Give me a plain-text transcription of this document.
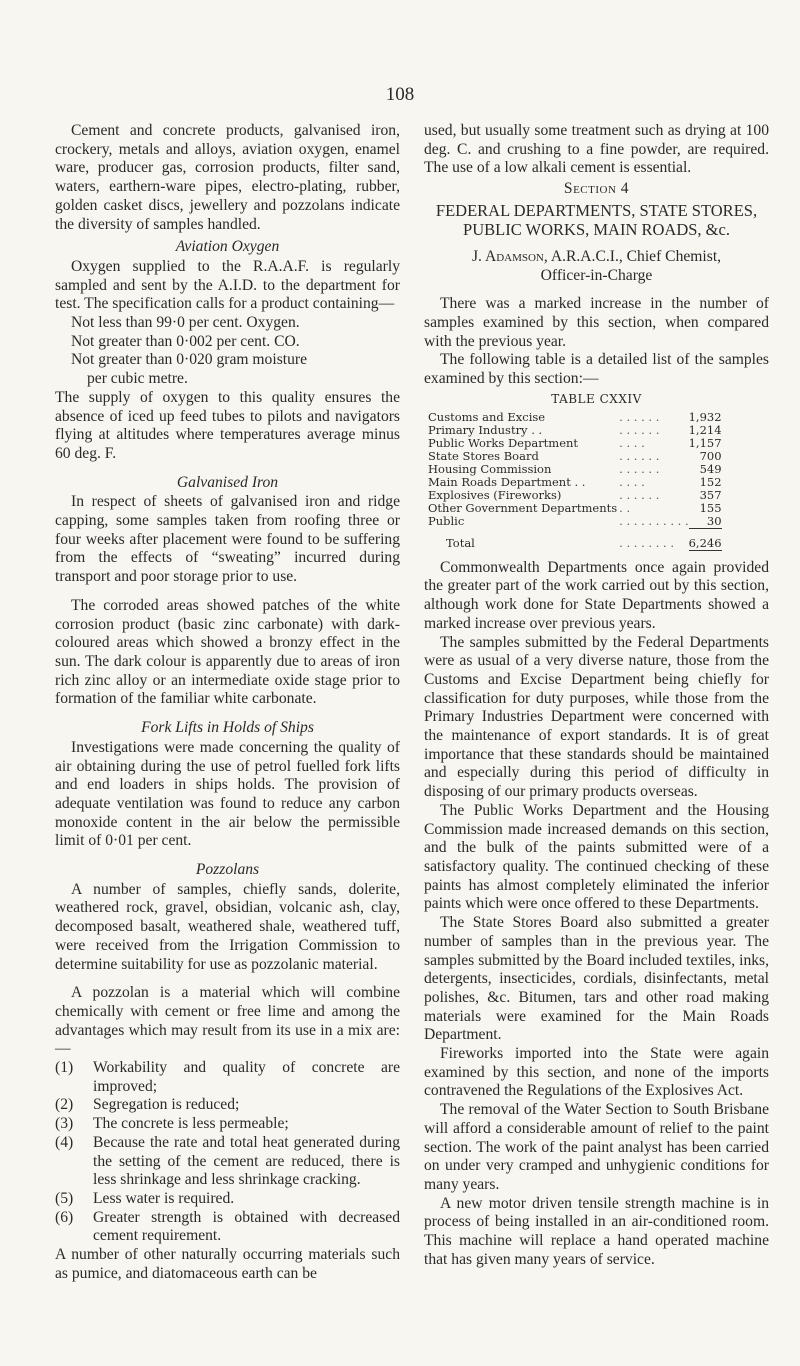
108

Cement and concrete products, galvanised iron, crockery, metals and alloys, aviation oxygen, enamel ware, producer gas, corrosion products, filter sand, waters, earthern-ware pipes, electro-plating, rubber, golden casket discs, jewellery and pozzolans indicate the diversity of samples handled.

Aviation Oxygen

Oxygen supplied to the R.A.A.F. is regularly sampled and sent by the A.I.D. to the department for test. The specification calls for a product containing—

Not less than 99·0 per cent. Oxygen.
Not greater than 0·002 per cent. CO.
Not greater than 0·020 gram moisture
per cubic metre.

The supply of oxygen to this quality ensures the absence of iced up feed tubes to pilots and navigators flying at altitudes where temperatures average minus 60 deg. F.

Galvanised Iron

In respect of sheets of galvanised iron and ridge capping, some samples taken from roofing three or four weeks after placement were found to be suffering from the effects of “sweating” incurred during transport and poor storage prior to use.

The corroded areas showed patches of the white corrosion product (basic zinc carbonate) with dark-coloured areas which showed a bronzy effect in the sun. The dark colour is apparently due to areas of iron rich zinc alloy or an intermediate oxide stage prior to formation of the familiar white carbonate.

Fork Lifts in Holds of Ships

Investigations were made concerning the quality of air obtaining during the use of petrol fuelled fork lifts and end loaders in ships holds. The provision of adequate ventilation was found to reduce any carbon monoxide content in the air below the permissible limit of 0·01 per cent.

Pozzolans

A number of samples, chiefly sands, dolerite, weathered rock, gravel, obsidian, volcanic ash, clay, decomposed basalt, weathered shale, weathered tuff, were received from the Irrigation Commission to determine suitability for use as pozzolanic material.

A pozzolan is a material which will combine chemically with cement or free lime and among the advantages which may result from its use in a mix are:—

(1)	Workability and quality of concrete are improved;
(2)	Segregation is reduced;
(3)	The concrete is less permeable;
(4)	Because the rate and total heat generated during the setting of the cement are reduced, there is less shrinkage and less shrinkage cracking.
(5)	Less water is required.
(6)	Greater strength is obtained with decreased cement requirement.

A number of other naturally occurring materials such as pumice, and diatomaceous earth can be

used, but usually some treatment such as drying at 100 deg. C. and crushing to a fine powder, are required. The use of a low alkali cement is essential.

Section 4
FEDERAL DEPARTMENTS, STATE STORES, PUBLIC WORKS, MAIN ROADS, &c.
J. Adamson, A.R.A.C.I., Chief Chemist,
Officer-in-Charge

There was a marked increase in the number of samples examined by this section, when compared with the previous year.

The following table is a detailed list of the samples examined by this section:—

TABLE CXXIV
Customs and Excise	. . . . . .	1,932
Primary Industry . .	. . . . . .	1,214
Public Works Department	. . . .	1,157
State Stores Board	. . . . . .	700
Housing Commission	. . . . . .	549
Main Roads Department . .	. . . .	152
Explosives (Fireworks)	. . . . . .	357
Other Government Departments	. .	155
Public	. . . . . . . . . .	30
Total	. . . . . . . .	6,246

Commonwealth Departments once again provided the greater part of the work carried out by this section, although work done for State Departments showed a marked increase over previous years.

The samples submitted by the Federal Departments were as usual of a very diverse nature, those from the Customs and Excise Department being chiefly for classification for duty purposes, while those from the Primary Industries Department were concerned with the maintenance of export standards. It is of great importance that these standards should be maintained and especially during this period of difficulty in disposing of our primary products overseas.

The Public Works Department and the Housing Commission made increased demands on this section, and the bulk of the paints submitted were of a satisfactory quality. The continued checking of these paints has almost completely eliminated the inferior paints which were once offered to these Departments.

The State Stores Board also submitted a greater number of samples than in the previous year. The samples submitted by the Board included textiles, inks, detergents, insecticides, cordials, disinfectants, metal polishes, &c. Bitumen, tars and other road making materials were examined for the Main Roads Department.

Fireworks imported into the State were again examined by this section, and none of the imports contravened the Regulations of the Explosives Act.

The removal of the Water Section to South Brisbane will afford a considerable amount of relief to the paint section. The work of the paint analyst has been carried on under very cramped and unhygienic conditions for many years.

A new motor driven tensile strength machine is in process of being installed in an air-conditioned room. This machine will replace a hand operated machine that has given many years of service.
